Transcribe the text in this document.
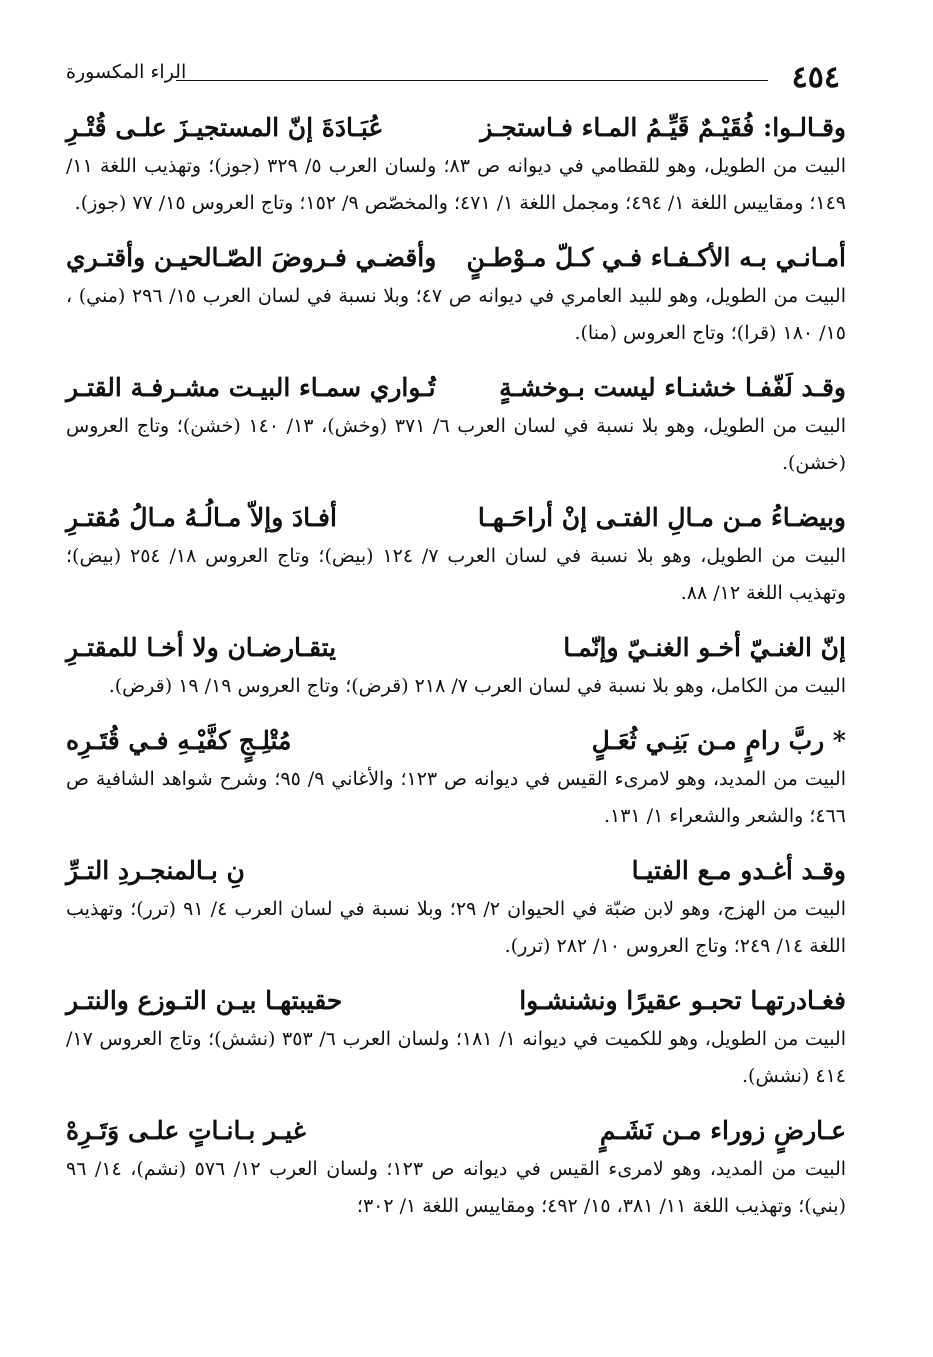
٤٥٤
الراء المكسورة
وقـالـوا: فُقَيْـمٌ قَيِّـمُ المـاء فـاستجـز
عُبَـادَةَ إنّ المستجيـزَ علـى قُتْـرِ

البيت من الطويل، وهو للقطامي في ديوانه ص ٨٣؛ ولسان العرب ٥/ ٣٢٩ (جوز)؛ وتهذيب اللغة ١١/ ١٤٩؛ ومقاييس اللغة ١/ ٤٩٤؛ ومجمل اللغة ١/ ٤٧١؛ والمخصّص ٩/ ١٥٢؛ وتاج العروس ١٥/ ٧٧ (جوز).

أمـانـي بـه الأكـفـاء فـي كـلّ مـوْطـنٍ
وأقضـي فـروضَ الصّـالحيـن وأقتـري

البيت من الطويل، وهو للبيد العامري في ديوانه ص ٤٧؛ وبلا نسبة في لسان العرب ١٥/ ٢٩٦ (مني) ، ١٥/ ١٨٠ (قرا)؛ وتاج العروس (منا).

وقـد لَفّفـا خشنـاء ليست بـوخشـةٍ
تُـواري سمـاء البيـت مشـرفـة القتـر

البيت من الطويل، وهو بلا نسبة في لسان العرب ٦/ ٣٧١ (وخش)، ١٣/ ١٤٠ (خشن)؛ وتاج العروس (خشن).

وبيضـاءُ مـن مـالِ الفتـى إنْ أراحَـهـا
أفـادَ وإلاّ مـالُـهُ مـالُ مُقتـرِ

البيت من الطويل، وهو بلا نسبة في لسان العرب ٧/ ١٢٤ (بيض)؛ وتاج العروس ١٨/ ٢٥٤ (بيض)؛ وتهذيب اللغة ١٢/ ٨٨.

إنّ الغنـيّ أخـو الغنـيّ وإنّمـا
يتقـارضـان ولا أخـا للمقتـرِ

البيت من الكامل، وهو بلا نسبة في لسان العرب ٧/ ٢١٨ (قرض)؛ وتاج العروس ١٩/ ١٩ (قرض).

* ربَّ رامٍ مـن بَنِـي ثُعَـلٍ
مُتْلِـجٍ كفَّيْـهِ فـي قُتَـرِه

البيت من المديد، وهو لامرىء القيس في ديوانه ص ١٢٣؛ والأغاني ٩/ ٩٥؛ وشرح شواهد الشافية ص ٤٦٦؛ والشعر والشعراء ١/ ١٣١.

وقـد أغـدو مـع الفتيـا
نِ بـالمنجـردِ التـرِّ

البيت من الهزج، وهو لابن ضبّة في الحيوان ٢/ ٢٩؛ وبلا نسبة في لسان العرب ٤/ ٩١ (ترر)؛ وتهذيب اللغة ١٤/ ٢٤٩؛ وتاج العروس ١٠/ ٢٨٢ (ترر).

فغـادرتهـا تحبـو عقيرًا ونشنشـوا
حقيبتهـا بيـن التـوزع والنتـر

البيت من الطويل، وهو للكميت في ديوانه ١/ ١٨١؛ ولسان العرب ٦/ ٣٥٣ (نشش)؛ وتاج العروس ١٧/ ٤١٤ (نشش).

عـارضٍ زوراء مـن نَشَـمٍ
غيـر بـانـاتٍ علـى وَتَـرِهْ

البيت من المديد، وهو لامرىء القيس في ديوانه ص ١٢٣؛ ولسان العرب ١٢/ ٥٧٦ (نشم)، ١٤/ ٩٦ (بني)؛ وتهذيب اللغة ١١/ ٣٨١، ١٥/ ٤٩٢؛ ومقاييس اللغة ١/ ٣٠٢؛
